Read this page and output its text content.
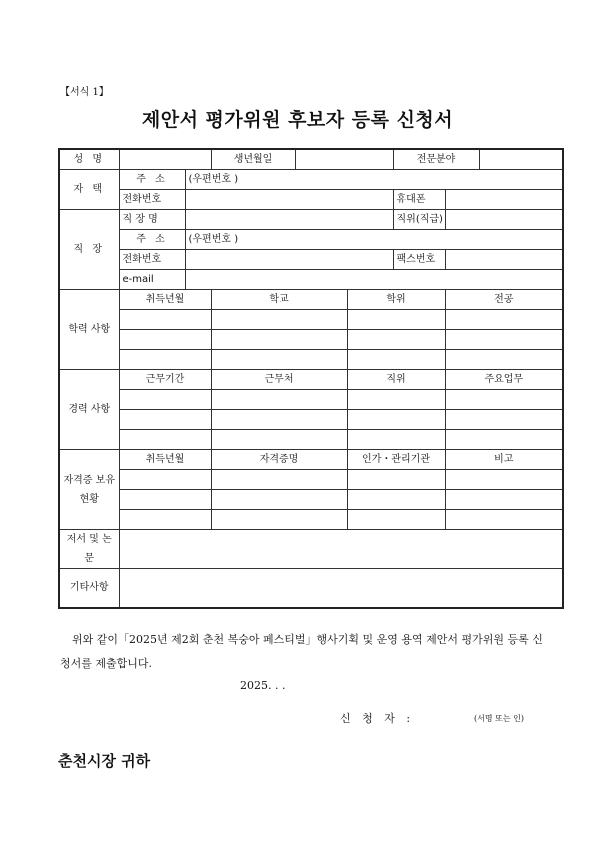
【서식 1】
제안서 평가위원 후보자 등록 신청서
성 명			생년월일			전문분야		
자 택	주 소	(우편번호 )						
	전화번호					휴대폰		
직 장	직 장 명					직위(직급)		
	주 소	(우편번호 )						
	전화번호					팩스번호		
	e-mail							
학력 사항	취득년월		학교		학위		전공	

경력 사항	근무기간		근무처		직위		주요업무	

자격증 보유현황	취득년월		자격증명		인가・관리기관		비고	

저서 및 논문								
기타사항								
위와 같이「2025년 제2회 춘천 복숭아 페스티벌」행사기획 및 운영 용역 제안서 평가위원 등록 신청서를 제출합니다.
2025. . .
신 청 자 :	(서명 또는 인)
춘천시장 귀하
